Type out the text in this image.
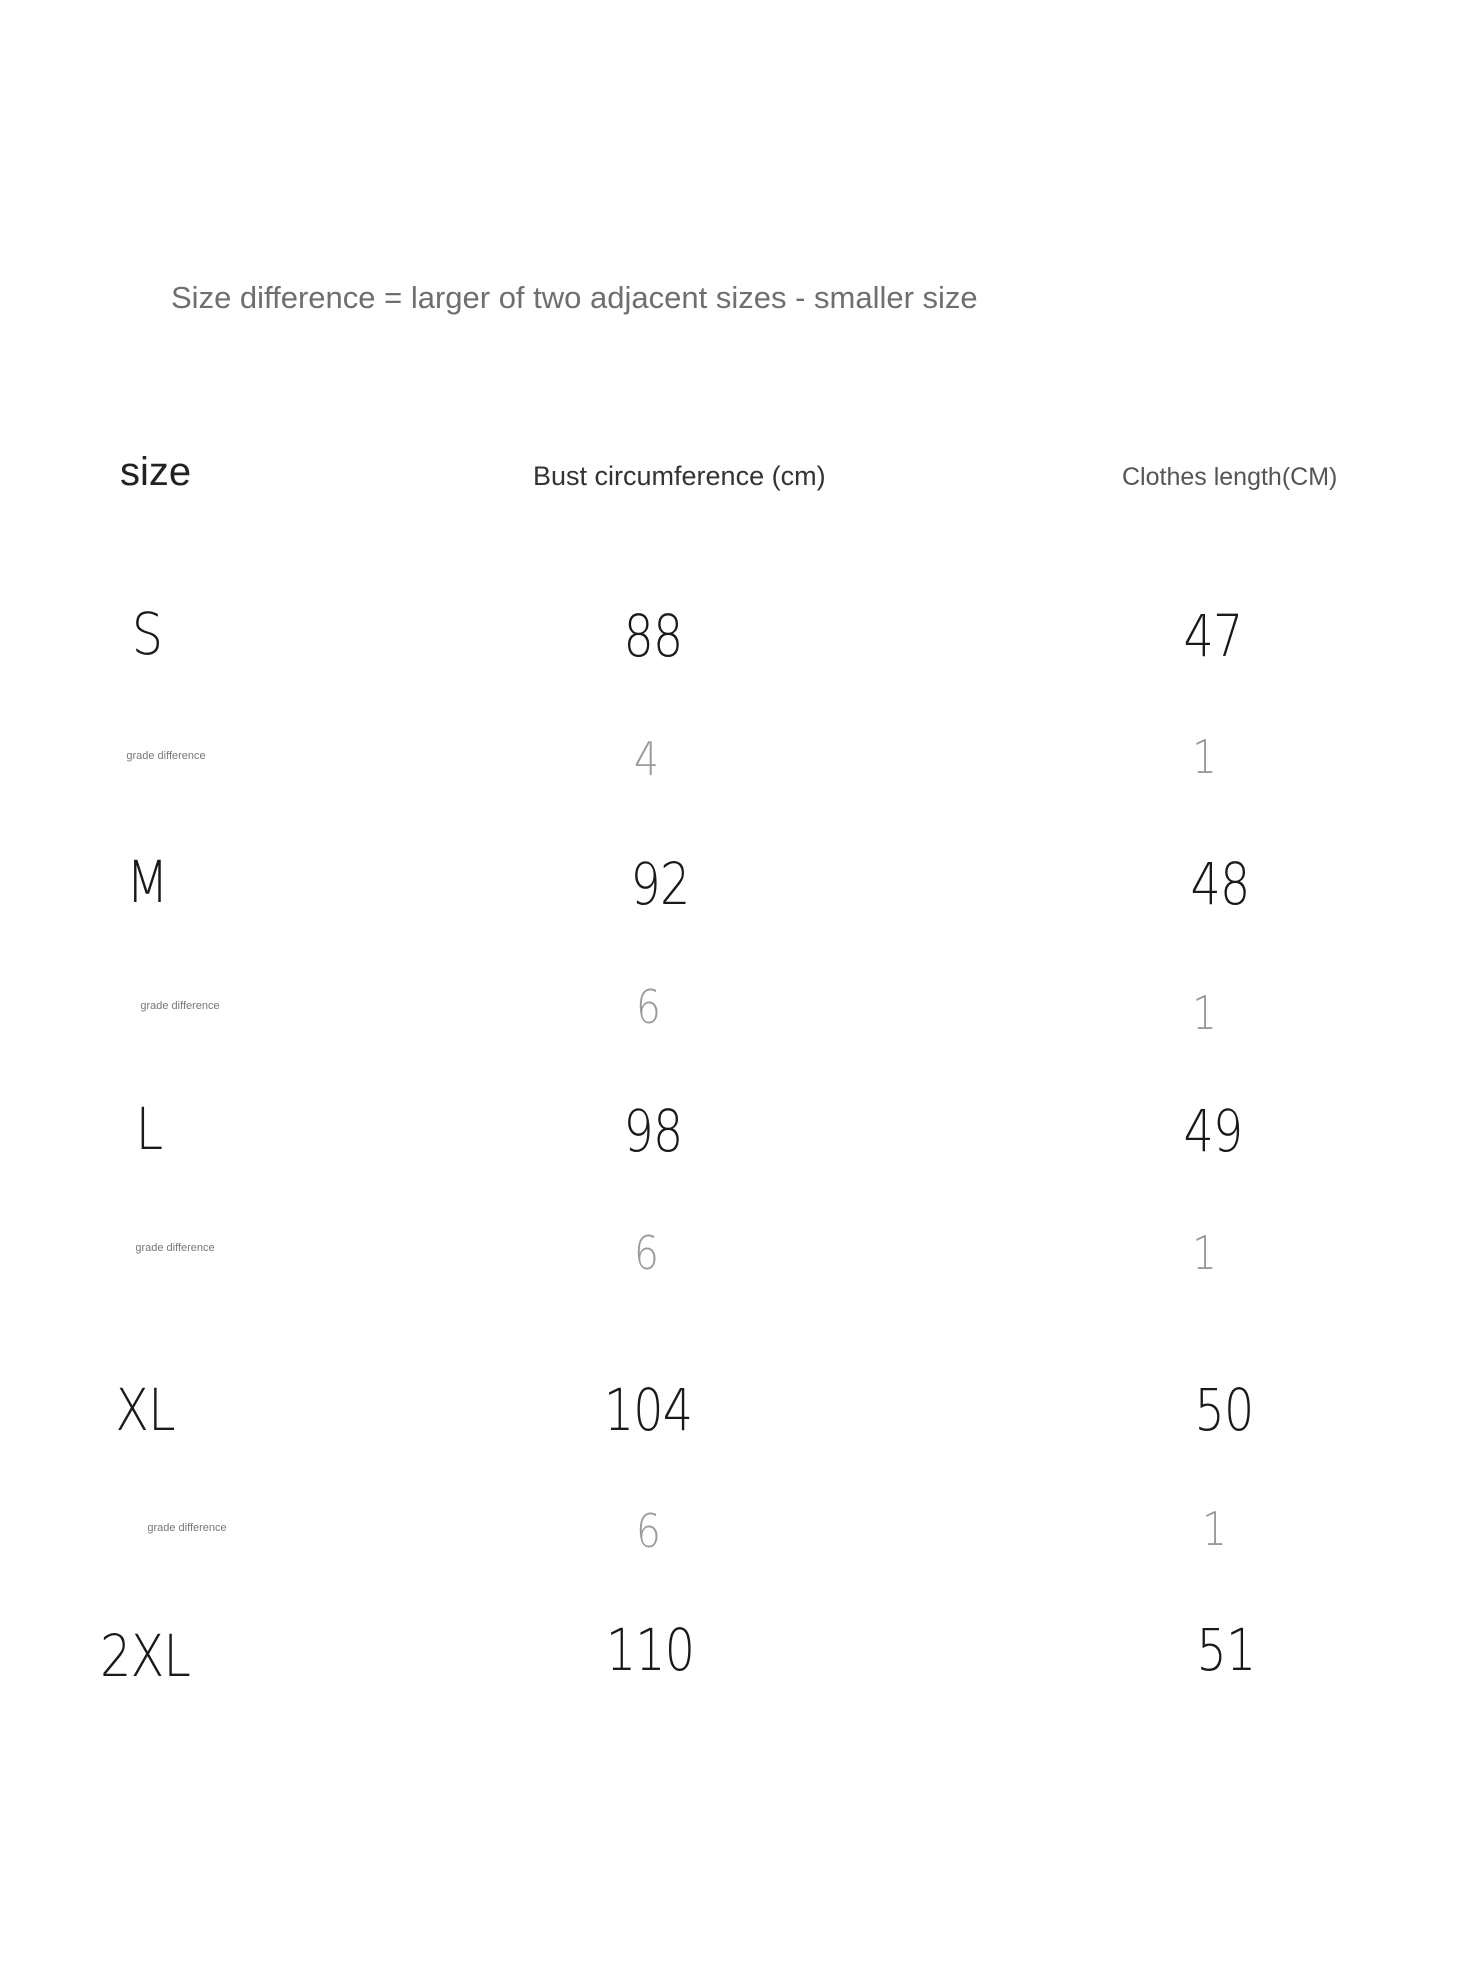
Size difference = larger of two adjacent sizes - smaller size
size	Bust circumference (cm)	Clothes length(CM)
S	88	47
grade difference	4	1
M	92	48
grade difference	6	1
L	98	49
grade difference	6	1
XL	104	50
grade difference	6	1
2XL	110	51
